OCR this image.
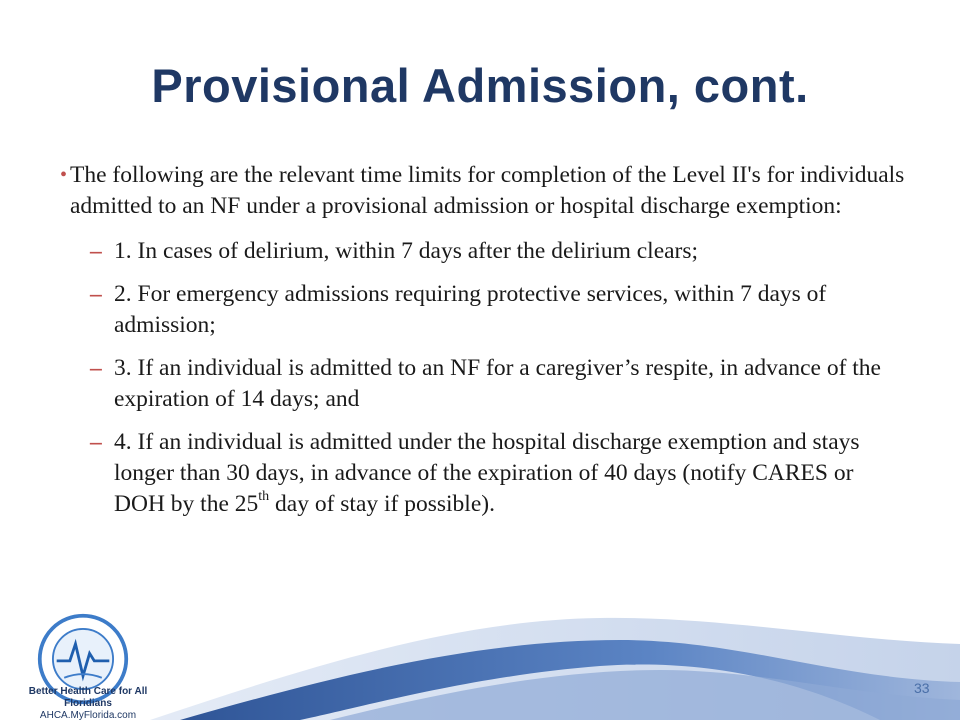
Provisional Admission, cont.
• The following are the relevant time limits for completion of the Level II's for individuals admitted to an NF under a provisional admission or hospital discharge exemption:
– 1. In cases of delirium, within 7 days after the delirium clears;
– 2. For emergency admissions requiring protective services, within 7 days of admission;
– 3. If an individual is admitted to an NF for a caregiver’s respite, in advance of the expiration of 14 days; and
– 4. If an individual is admitted under the hospital discharge exemption and stays longer than 30 days, in advance of the expiration of 40 days (notify CARES or DOH by the 25th day of stay if possible).
Better Health Care for All Floridians
AHCA.MyFlorida.com
33
